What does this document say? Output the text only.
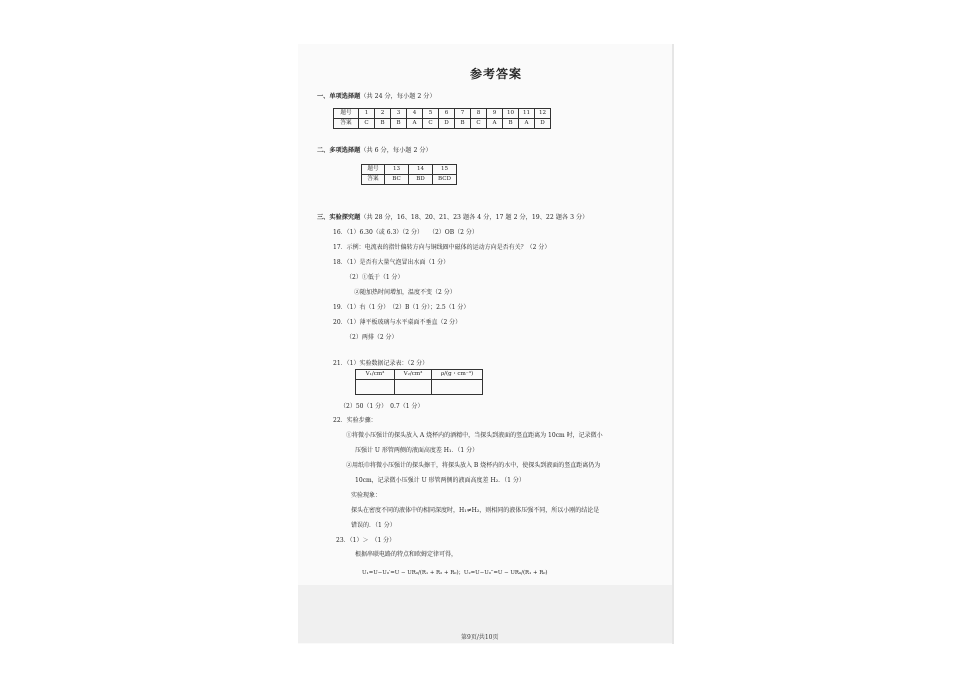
参考答案
一、单项选择题（共 24 分，每小题 2 分）
题号	1	2	3	4	5	6	7	8	9	10	11	12
答案	C	B	B	A	C	D	B	C	A	B	A	D
二、多项选择题（共 6 分，每小题 2 分）
题号	13	14	15
答案	BC	BD	BCD
三、实验探究题（共 28 分，16、18、20、21、23 题各 4 分，17 题 2 分，19、22 题各 3 分）
16．（1）6.30（或 6.3）（2 分）　　（2）OB（2 分）
17．示例：电流表的指针偏转方向与铜线圈中磁体的运动方向是否有关？（2 分）
18．（1）是否有大量气泡冒出水面（1 分）
（2）①低于（1 分）
②随加热时间增加，温度不变（2 分）
19．（1）右（1 分）　（2）B（1 分）；2.5（1 分）
20．（1）薄平板玻璃与水平桌面不垂直（2 分）
（2）两排（2 分）
21．（1）实验数据记录表：（2 分）
V₁/cm³	V₂/cm³	ρ/(g・cm⁻³)

（2）50（1 分）　0.7（1 分）
22．实验步骤：
①将微小压强计的探头放入 A 烧杯内的酒精中，当探头到液面的竖直距离为 10cm 时，记录微小
压强计 U 形管两侧的液面高度差 H₁．（1 分）
②用纸巾将微小压强计的探头擦干，将探头放入 B 烧杯内的水中，使探头到液面的竖直距离仍为
10cm，记录微小压强计 U 形管两侧的液面高度差 H₂．（1 分）
实验现象：
探头在密度不同的液体中的相同深度时，H₁≠H₂，则相同的液体压强不同，所以小刚的结论是
错误的．（1 分）
23．（1）＞　（1 分）
根据串联电路的特点和欧姆定律可得，
U₁=U−U₀′=U − UR₀/(R₁ + R₂ + R₀)；U₂=U−U₀′′=U − UR₀/(R₁ + R₀)
第9页/共10页
